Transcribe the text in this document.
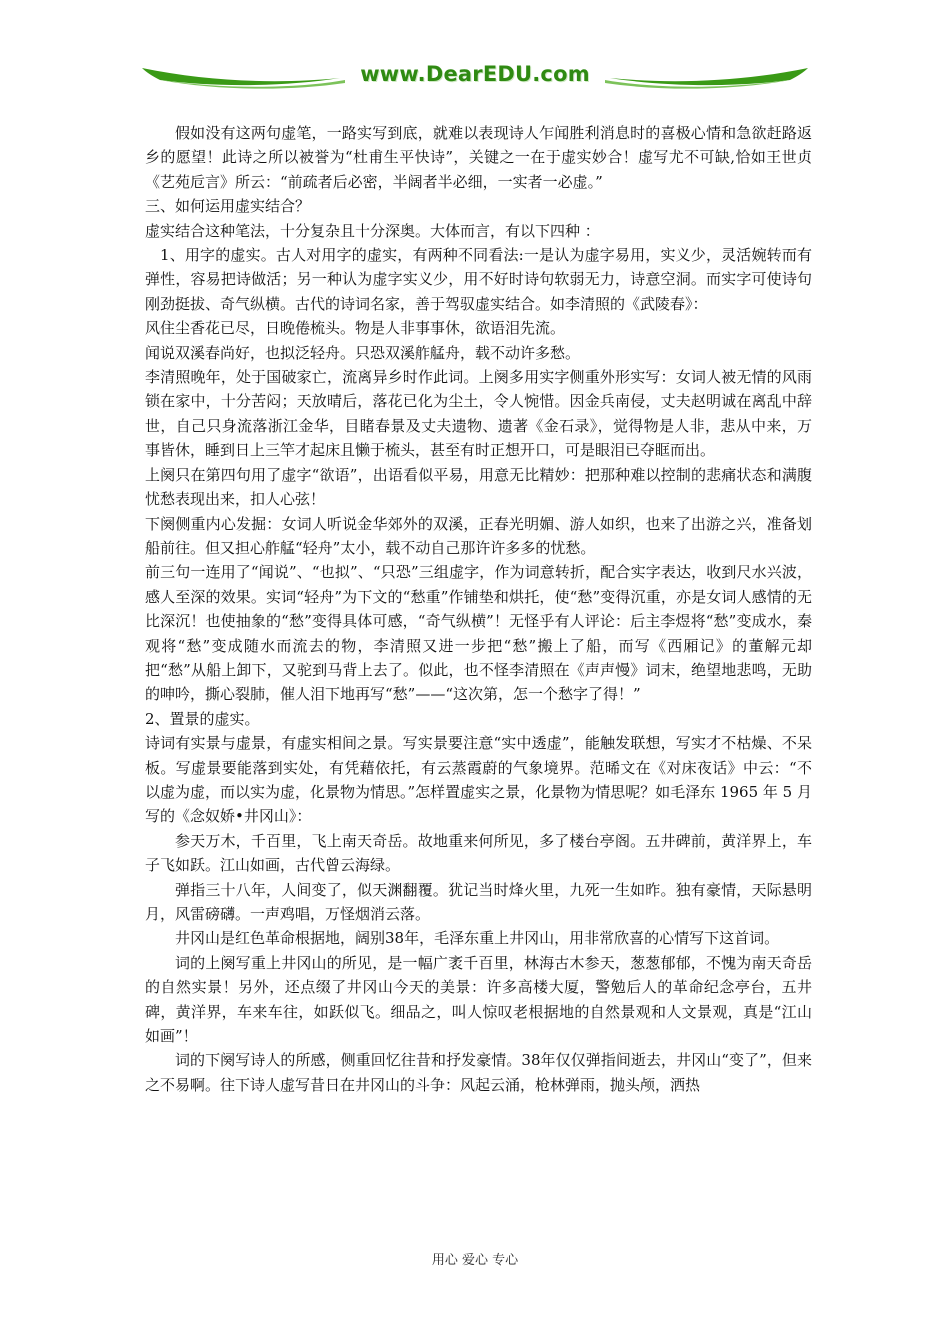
www.DearEDU.com

假如没有这两句虚笔，一路实写到底，就难以表现诗人乍闻胜利消息时的喜极心情和急欲赶路返乡的愿望！此诗之所以被誉为“杜甫生平快诗”，关键之一在于虚实妙合！虚写尤不可缺,恰如王世贞《艺苑卮言》所云：“前疏者后必密，半阔者半必细，一实者一必虚。”

三、如何运用虚实结合？

虚实结合这种笔法，十分复杂且十分深奥。大体而言，有以下四种 ：

1、用字的虚实。古人对用字的虚实，有两种不同看法:一是认为虚字易用，实义少，灵活婉转而有弹性，容易把诗做活；另一种认为虚字实义少，用不好时诗句软弱无力，诗意空洞。而实字可使诗句刚劲挺拔、奇气纵横。古代的诗词名家，善于驾驭虚实结合。如李清照的《武陵春》：

风住尘香花已尽，日晚倦梳头。物是人非事事休，欲语泪先流。

闻说双溪春尚好，也拟泛轻舟。只恐双溪舴艋舟，载不动许多愁。

李清照晚年，处于国破家亡，流离异乡时作此词。上阕多用实字侧重外形实写：女词人被无情的风雨锁在家中，十分苦闷；天放晴后，落花已化为尘土，令人惋惜。因金兵南侵，丈夫赵明诚在离乱中辞世，自己只身流落浙江金华，目睹春景及丈夫遗物、遗著《金石录》，觉得物是人非，悲从中来，万事皆休，睡到日上三竿才起床且懒于梳头，甚至有时正想开口，可是眼泪已夺眶而出。

上阕只在第四句用了虚字“欲语”，出语看似平易，用意无比精妙：把那种难以控制的悲痛状态和满腹忧愁表现出来，扣人心弦！

下阕侧重内心发掘：女词人听说金华郊外的双溪，正春光明媚、游人如织，也来了出游之兴，准备划船前往。但又担心舴艋“轻舟”太小，载不动自己那许许多多的忧愁。

前三句一连用了“闻说”、“也拟”、“只恐”三组虚字，作为词意转折，配合实字表达，收到尺水兴波，感人至深的效果。实词“轻舟”为下文的“愁重”作铺垫和烘托，使“愁”变得沉重，亦是女词人感情的无比深沉！也使抽象的“愁”变得具体可感，“奇气纵横”！无怪乎有人评论：后主李煜将“愁”变成水，秦观将“愁”变成随水而流去的物，李清照又进一步把“愁”搬上了船，而写《西厢记》的董解元却把“愁”从船上卸下，又驼到马背上去了。似此，也不怪李清照在《声声慢》词末，绝望地悲鸣，无助的呻吟，撕心裂肺，催人泪下地再写“愁”——“这次第，怎一个愁字了得！”

2、置景的虚实。

诗词有实景与虚景，有虚实相间之景。写实景要注意“实中透虚”，能触发联想，写实才不枯燥、不呆板。写虚景要能落到实处，有凭藉依托，有云蒸霞蔚的气象境界。范晞文在《对床夜话》中云：“不以虚为虚，而以实为虚，化景物为情思。”怎样置虚实之景，化景物为情思呢？如毛泽东 1965 年 5 月写的《念奴娇•井冈山》：

参天万木，千百里，飞上南天奇岳。故地重来何所见，多了楼台亭阁。五井碑前，黄洋界上，车子飞如跃。江山如画，古代曾云海绿。

弹指三十八年，人间变了，似天渊翻覆。犹记当时烽火里，九死一生如昨。独有豪情，天际悬明月，风雷磅礴。一声鸡唱，万怪烟消云落。

井冈山是红色革命根据地，阔别38年，毛泽东重上井冈山，用非常欣喜的心情写下这首词。

词的上阕写重上井冈山的所见，是一幅广袤千百里，林海古木参天，葱葱郁郁，不愧为南天奇岳的自然实景！另外，还点缀了井冈山今天的美景：许多高楼大厦，警勉后人的革命纪念亭台，五井碑，黄洋界，车来车往，如跃似飞。细品之，叫人惊叹老根据地的自然景观和人文景观，真是“江山如画”！

词的下阕写诗人的所感，侧重回忆往昔和抒发豪情。38年仅仅弹指间逝去，井冈山“变了”，但来之不易啊。往下诗人虚写昔日在井冈山的斗争：风起云涌，枪林弹雨，抛头颅，洒热

用心 爱心 专心
